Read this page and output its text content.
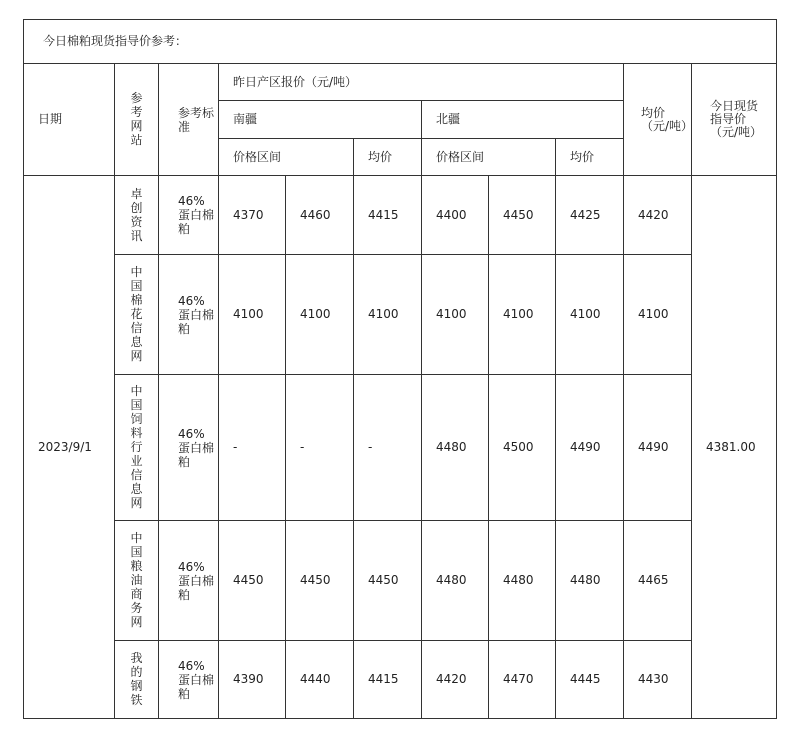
今日棉粕现货指导价参考：										
日期	参考网站	参考标准	昨日产区报价（元/吨）						均价（元/吨）	今日现货指导价（元/吨）
			南疆			北疆				
			价格区间		均价	价格区间		均价		
2023/9/1	卓创资讯	46%蛋白棉粕	4370	4460	4415	4400	4450	4425	4420	4381.00
	中国棉花信息网	46%蛋白棉粕	4100	4100	4100	4100	4100	4100	4100	
	中国饲料行业信息网	46%蛋白棉粕	-	-	-	4480	4500	4490	4490	
	中国粮油商务网	46%蛋白棉粕	4450	4450	4450	4480	4480	4480	4465	
	我的钢铁	46%蛋白棉粕	4390	4440	4415	4420	4470	4445	4430	
